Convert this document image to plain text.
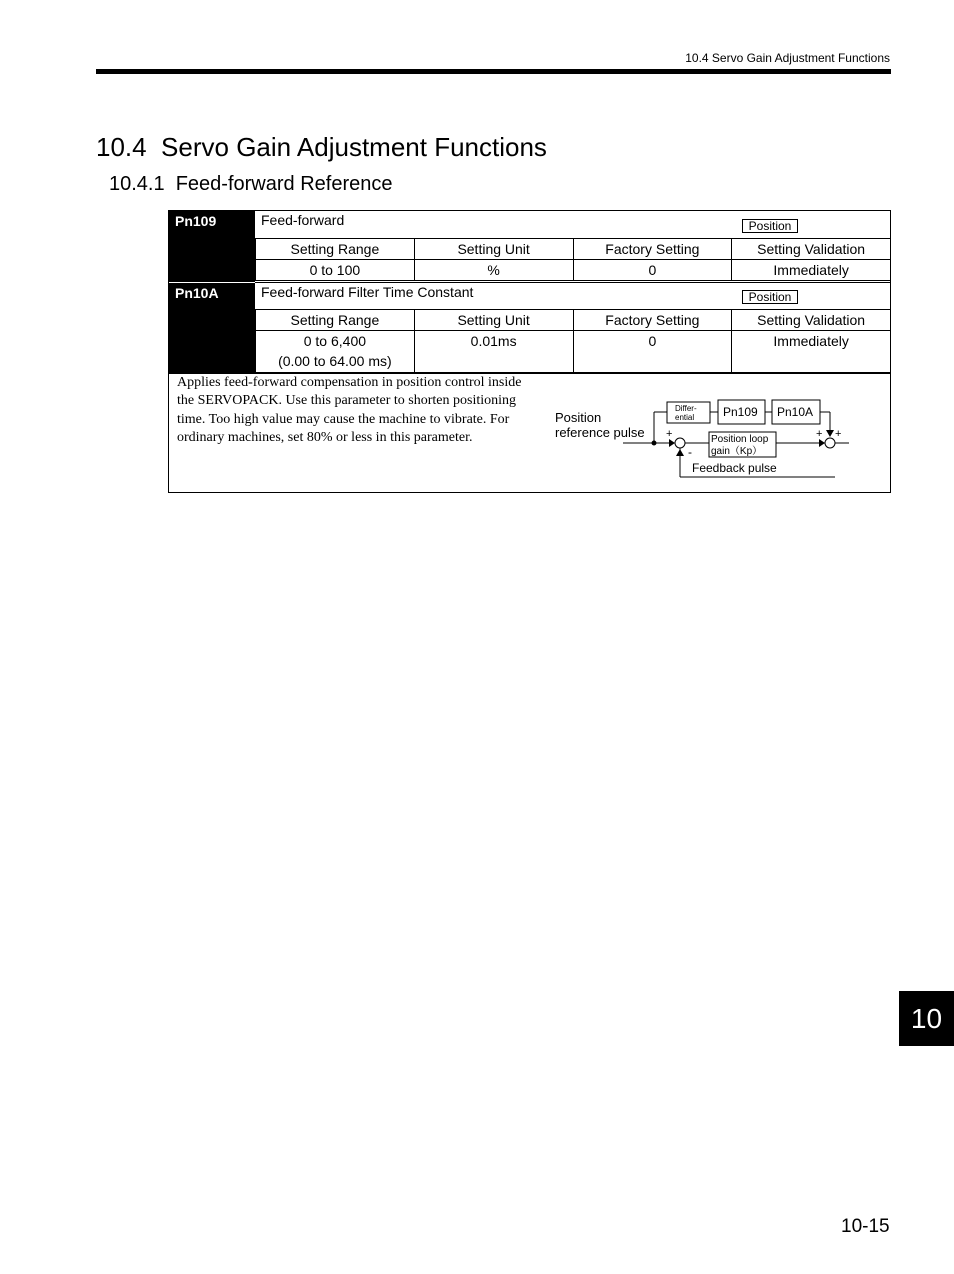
10.4 Servo Gain Adjustment Functions
10.4  Servo Gain Adjustment Functions
10.4.1  Feed-forward Reference
Pn109	Feed-forward	Position
Setting Range	Setting Unit	Factory Setting	Setting Validation
0 to 100	%	0	Immediately
Pn10A	Feed-forward Filter Time Constant	Position
Setting Range	Setting Unit	Factory Setting	Setting Validation

0 to 6,400
(0.00 to 64.00 ms)	0.01ms	0	Immediately
Applies feed-forward compensation in position control inside
the SERVOPACK. Use this parameter to shorten positioning
time. Too high value may cause the machine to vibrate. For
ordinary machines, set 80% or less in this parameter.
Position
reference pulse +
-
Position loop
gain（Kp）
+ +
Differ-
ential Pn109 Pn10A
Feedback pulse
10-15
10
